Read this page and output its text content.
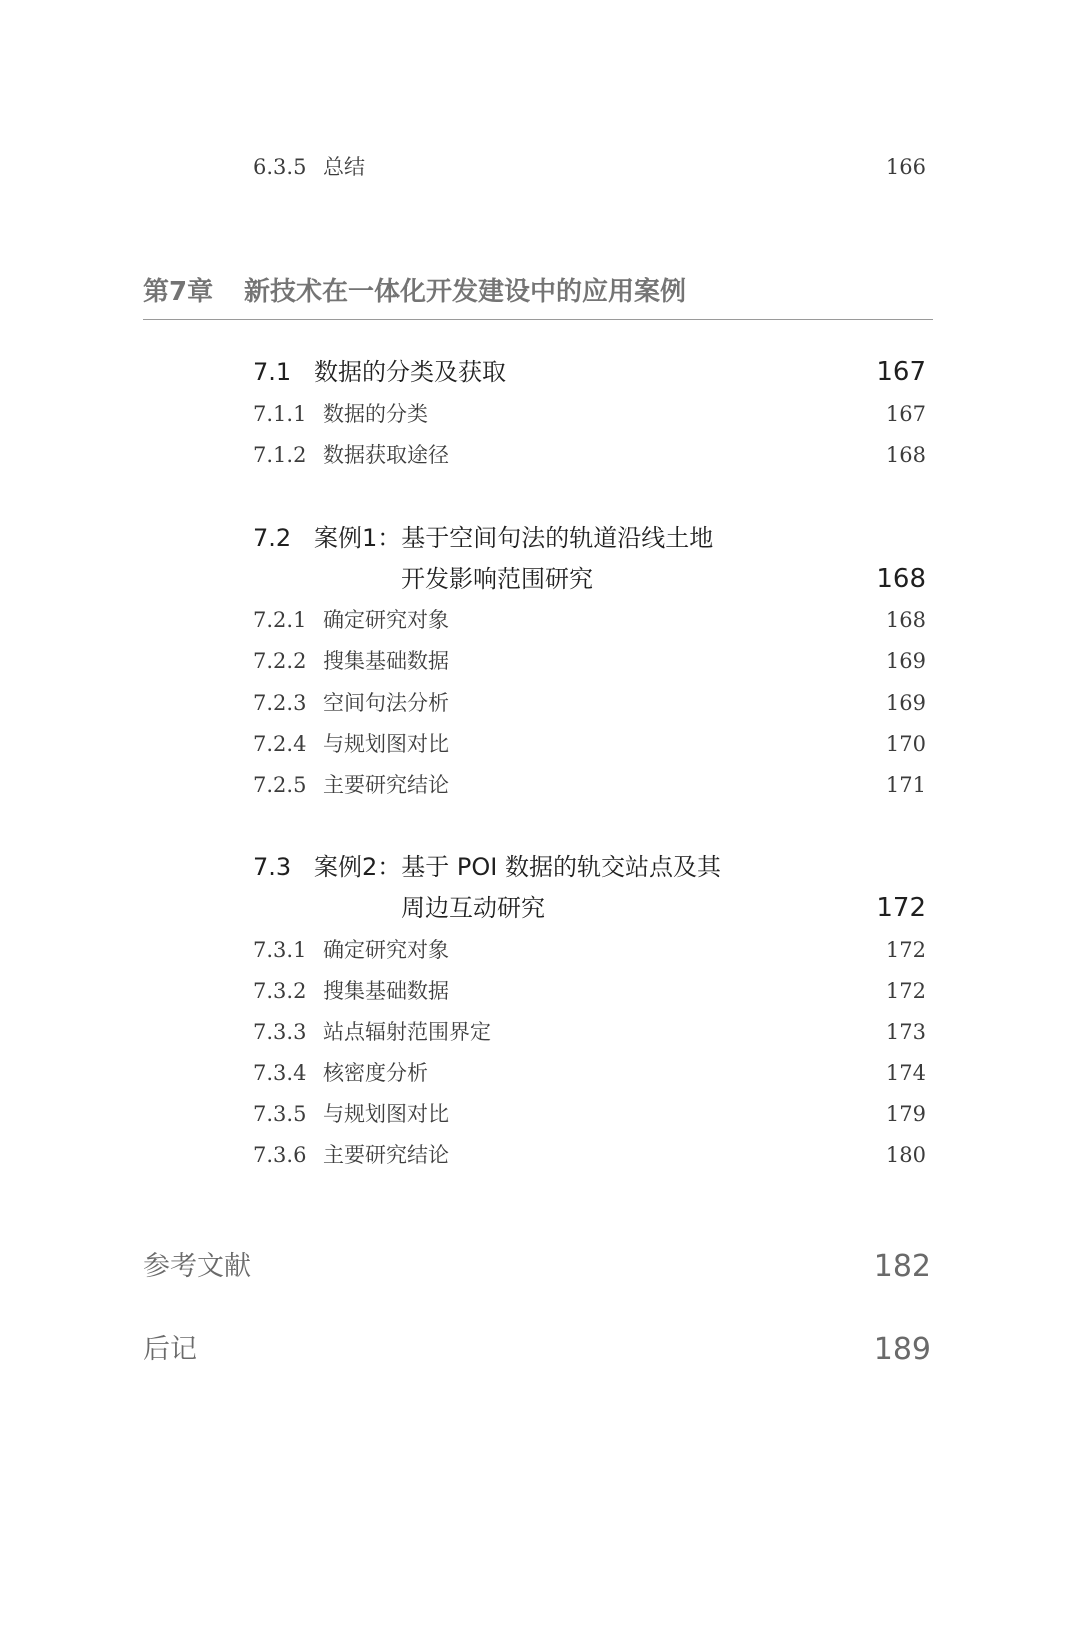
6.3.5 总结	166
第7章 新技术在一体化开发建设中的应用案例
7.1 数据的分类及获取	167
7.1.1 数据的分类	167
7.1.2 数据获取途径	168
7.2 案例1：基于空间句法的轨道沿线土地
开发影响范围研究	168
7.2.1 确定研究对象	168
7.2.2 搜集基础数据	169
7.2.3 空间句法分析	169
7.2.4 与规划图对比	170
7.2.5 主要研究结论	171
7.3 案例2：基于 POI 数据的轨交站点及其
周边互动研究	172
7.3.1 确定研究对象	172
7.3.2 搜集基础数据	172
7.3.3 站点辐射范围界定	173
7.3.4 核密度分析	174
7.3.5 与规划图对比	179
7.3.6 主要研究结论	180
参考文献	182
后记	189
